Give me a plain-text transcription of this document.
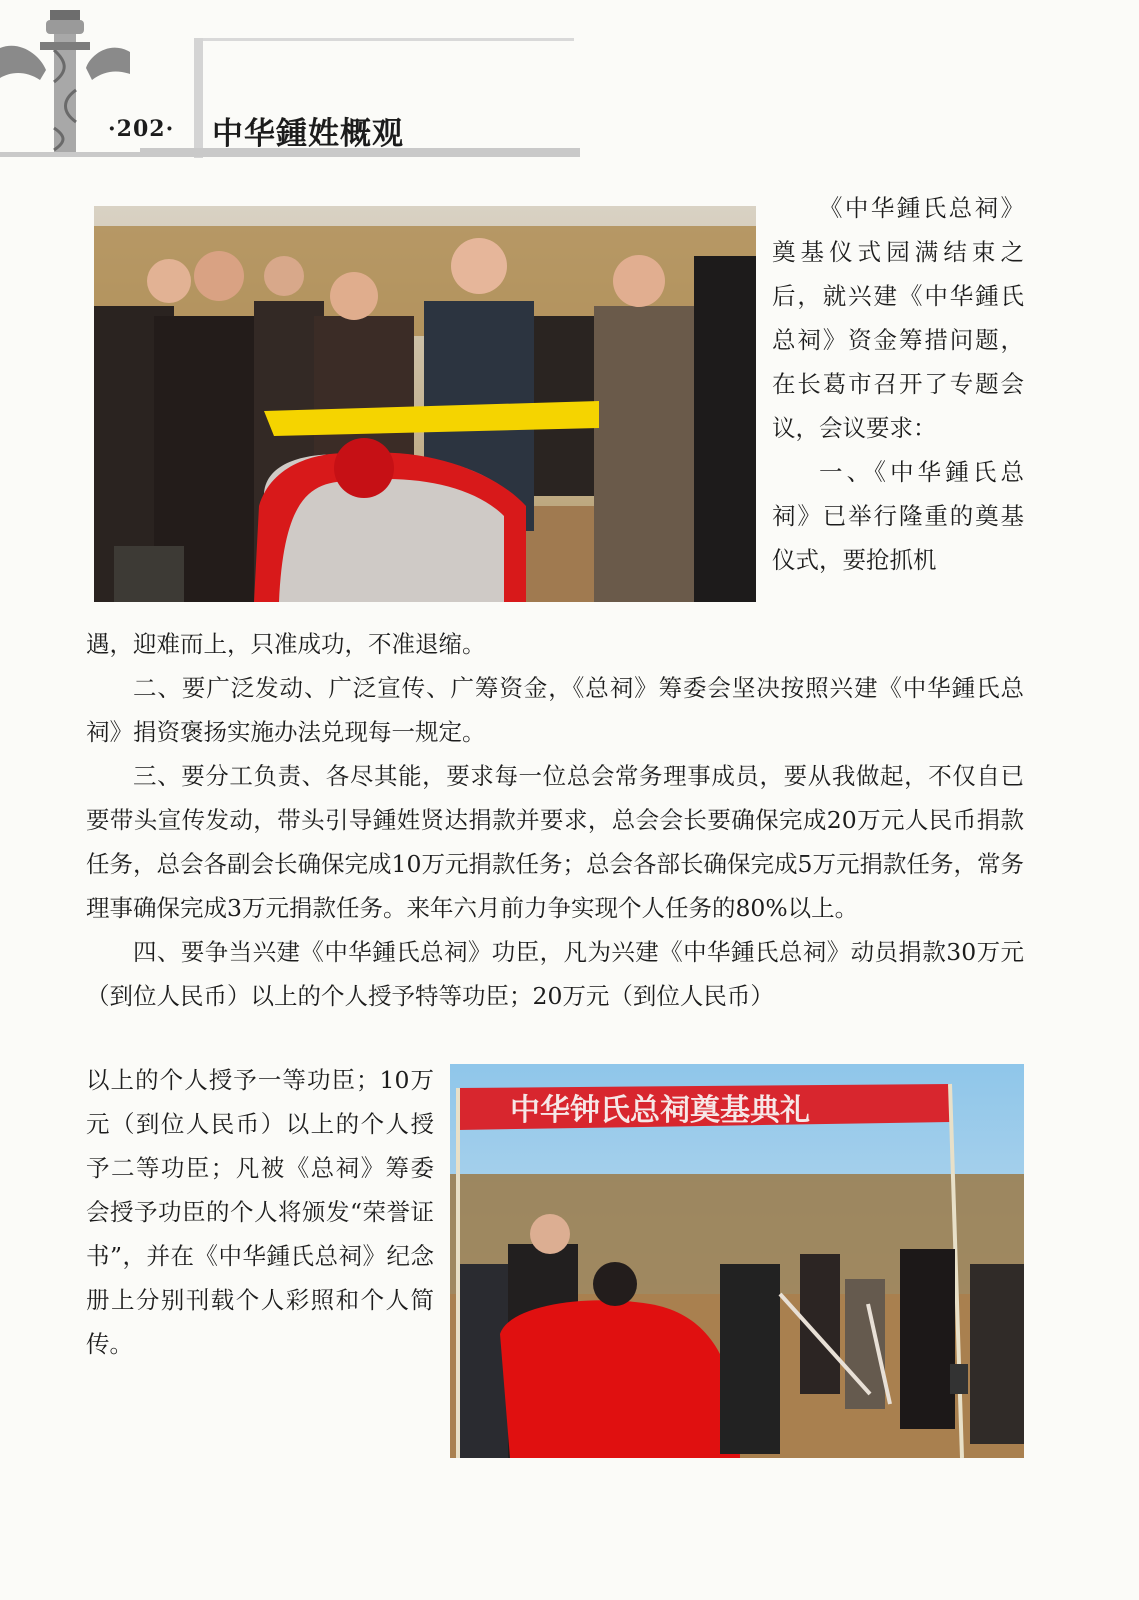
·202· 中华鍾姓概观

《中华鍾氏总祠》奠基仪式园满结束之后，就兴建《中华鍾氏总祠》资金筹措问题，在长葛市召开了专题会议，会议要求：

一、《中华鍾氏总祠》已举行隆重的奠基仪式，要抢抓机

遇，迎难而上，只准成功，不准退缩。

二、要广泛发动、广泛宣传、广筹资金，《总祠》筹委会坚决按照兴建《中华鍾氏总祠》捐资褒扬实施办法兑现每一规定。

三、要分工负责、各尽其能，要求每一位总会常务理事成员，要从我做起，不仅自已要带头宣传发动，带头引导鍾姓贤达捐款并要求，总会会长要确保完成20万元人民币捐款任务，总会各副会长确保完成10万元捐款任务；总会各部长确保完成5万元捐款任务，常务理事确保完成3万元捐款任务。来年六月前力争实现个人任务的80%以上。

四、要争当兴建《中华鍾氏总祠》功臣，凡为兴建《中华鍾氏总祠》动员捐款30万元（到位人民币）以上的个人授予特等功臣；20万元（到位人民币）

以上的个人授予一等功臣；10万元（到位人民币）以上的个人授予二等功臣；凡被《总祠》筹委会授予功臣的个人将颁发“荣誉证书”，并在《中华鍾氏总祠》纪念册上分别刊载个人彩照和个人简传。

中华钟氏总祠奠基典礼
